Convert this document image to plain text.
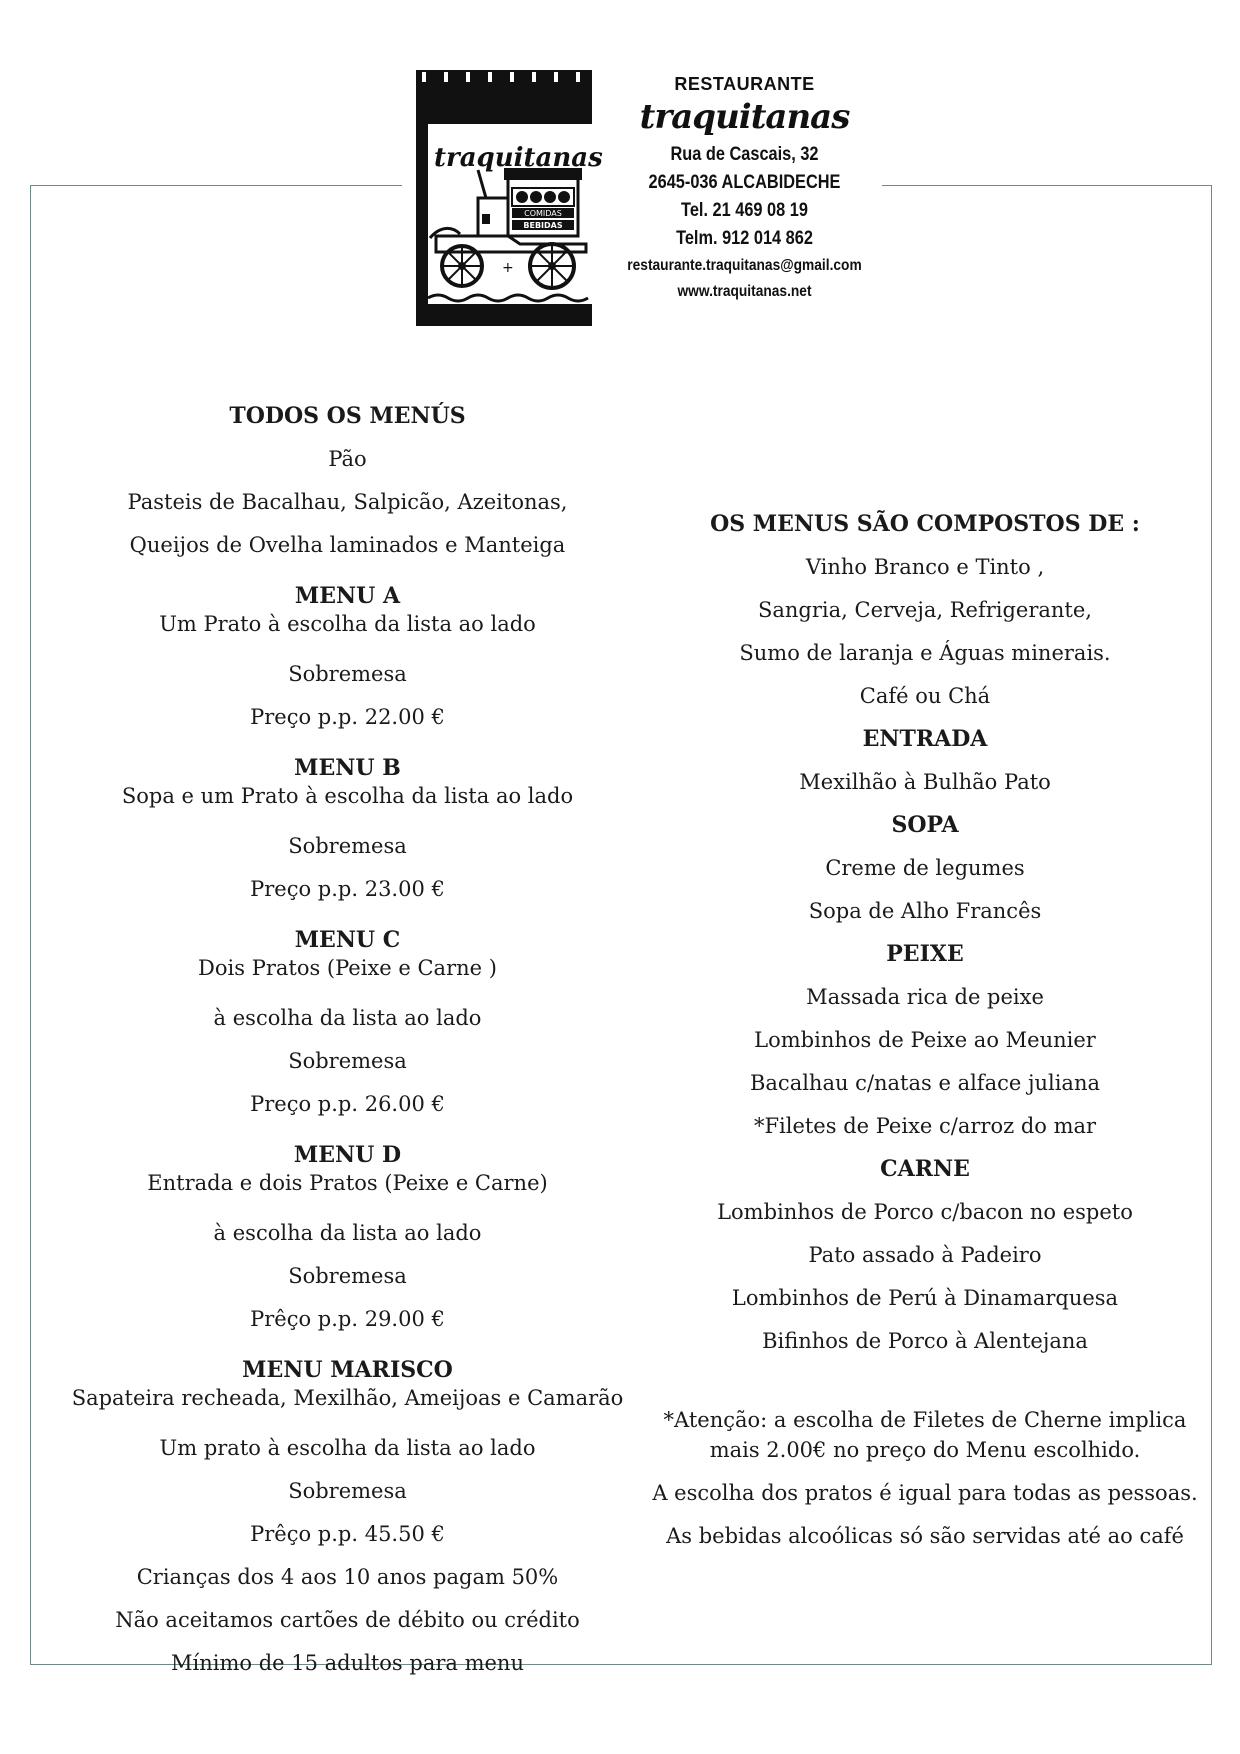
+
traquitanas
COMIDAS
BEBIDAS
RESTAURANTE
traquitanas
Rua de Cascais, 32
2645-036 ALCABIDECHE
Tel. 21 469 08 19
Telm. 912 014 862
restaurante.traquitanas@gmail.com
www.traquitanas.net
TODOS OS MENÚS
Pão
Pasteis de Bacalhau, Salpicão, Azeitonas,
Queijos de Ovelha laminados e Manteiga
MENU A
Um Prato à escolha da lista ao lado
Sobremesa
Preço p.p. 22.00 €
MENU B
Sopa e um Prato à escolha da lista ao lado
Sobremesa
Preço p.p. 23.00 €
MENU C
Dois Pratos (Peixe e Carne )
à escolha da lista ao lado
Sobremesa
Preço p.p. 26.00 €
MENU D
Entrada e dois Pratos (Peixe e Carne)
à escolha da lista ao lado
Sobremesa
Prêço p.p. 29.00 €
MENU MARISCO
Sapateira recheada, Mexilhão, Ameijoas e Camarão
Um prato à escolha da lista ao lado
Sobremesa
Prêço p.p. 45.50 €
Crianças dos 4 aos 10 anos pagam 50%
Não aceitamos cartões de débito ou crédito
Mínimo de 15 adultos para menu
OS MENUS SÃO COMPOSTOS DE :
Vinho Branco e Tinto ,
Sangria, Cerveja, Refrigerante,
Sumo de laranja e Águas minerais.
Café ou Chá
ENTRADA
Mexilhão à Bulhão Pato
SOPA
Creme de legumes
Sopa de Alho Francês
PEIXE
Massada rica de peixe
Lombinhos de Peixe ao Meunier
Bacalhau c/natas e alface juliana
*Filetes de Peixe c/arroz do mar
CARNE
Lombinhos de Porco c/bacon no espeto
Pato assado à Padeiro
Lombinhos de Perú à Dinamarquesa
Bifinhos de Porco à Alentejana
*Atenção: a escolha de Filetes de Cherne implica
mais 2.00€ no preço do Menu escolhido.
A escolha dos pratos é igual para todas as pessoas.
As bebidas alcoólicas só são servidas até ao café
